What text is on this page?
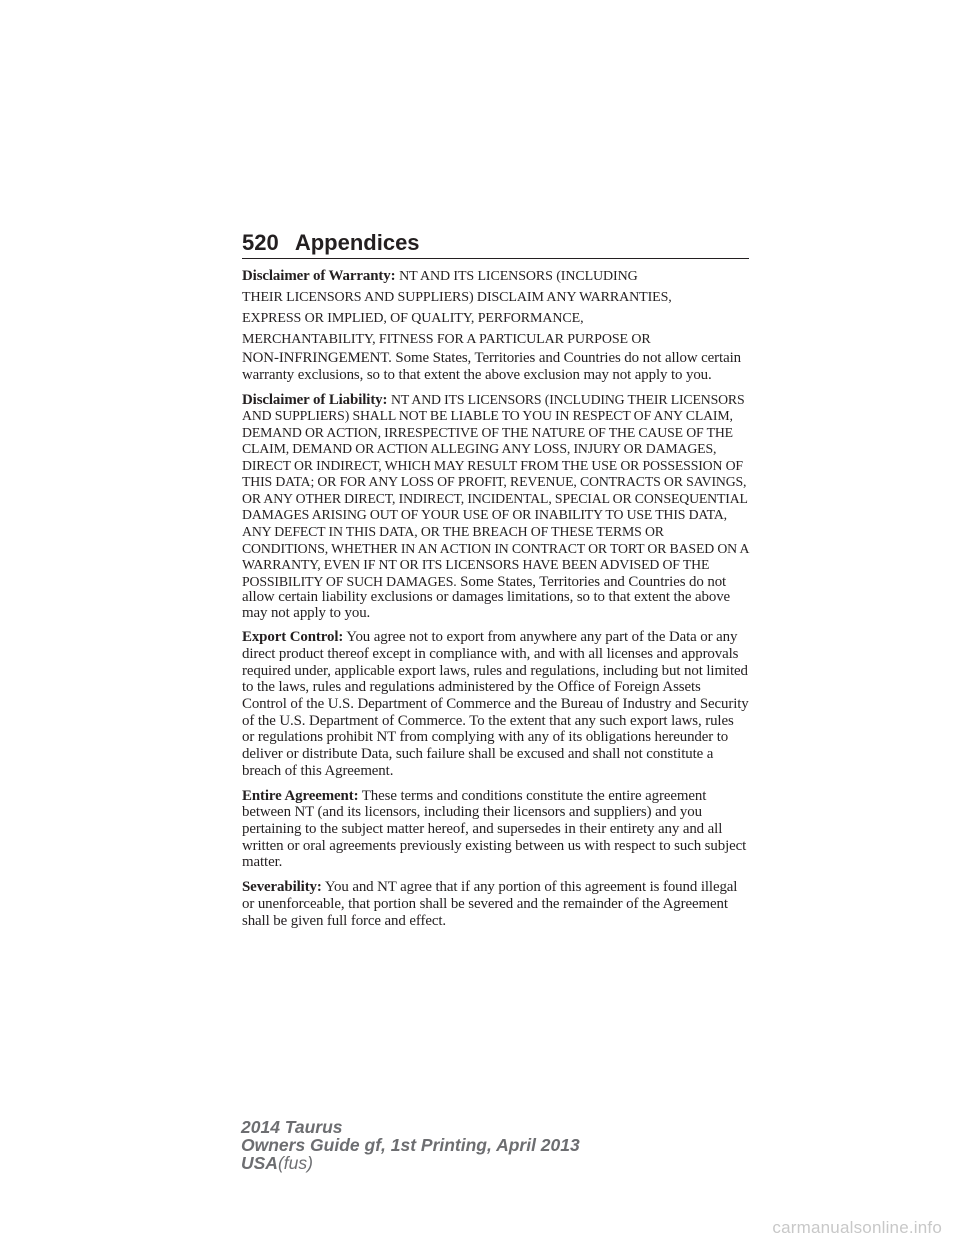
520 Appendices

Disclaimer of Warranty: NT AND ITS LICENSORS (INCLUDING
THEIR LICENSORS AND SUPPLIERS) DISCLAIM ANY WARRANTIES,
EXPRESS OR IMPLIED, OF QUALITY, PERFORMANCE,
MERCHANTABILITY, FITNESS FOR A PARTICULAR PURPOSE OR
NON-INFRINGEMENT. Some States, Territories and Countries do not allow certain warranty exclusions, so to that extent the above exclusion may not apply to you.

Disclaimer of Liability: NT AND ITS LICENSORS (INCLUDING THEIR LICENSORS AND SUPPLIERS) SHALL NOT BE LIABLE TO YOU IN RESPECT OF ANY CLAIM, DEMAND OR ACTION, IRRESPECTIVE OF THE NATURE OF THE CAUSE OF THE CLAIM, DEMAND OR ACTION ALLEGING ANY LOSS, INJURY OR DAMAGES, DIRECT OR INDIRECT, WHICH MAY RESULT FROM THE USE OR POSSESSION OF THIS DATA; OR FOR ANY LOSS OF PROFIT, REVENUE, CONTRACTS OR SAVINGS, OR ANY OTHER DIRECT, INDIRECT, INCIDENTAL, SPECIAL OR CONSEQUENTIAL DAMAGES ARISING OUT OF YOUR USE OF OR INABILITY TO USE THIS DATA, ANY DEFECT IN THIS DATA, OR THE BREACH OF THESE TERMS OR CONDITIONS, WHETHER IN AN ACTION IN CONTRACT OR TORT OR BASED ON A WARRANTY, EVEN IF NT OR ITS LICENSORS HAVE BEEN ADVISED OF THE POSSIBILITY OF SUCH DAMAGES. Some States, Territories and Countries do not allow certain liability exclusions or damages limitations, so to that extent the above may not apply to you.

Export Control: You agree not to export from anywhere any part of the Data or any direct product thereof except in compliance with, and with all licenses and approvals required under, applicable export laws, rules and regulations, including but not limited to the laws, rules and regulations administered by the Office of Foreign Assets Control of the U.S. Department of Commerce and the Bureau of Industry and Security of the U.S. Department of Commerce. To the extent that any such export laws, rules or regulations prohibit NT from complying with any of its obligations hereunder to deliver or distribute Data, such failure shall be excused and shall not constitute a breach of this Agreement.

Entire Agreement: These terms and conditions constitute the entire agreement between NT (and its licensors, including their licensors and suppliers) and you pertaining to the subject matter hereof, and supersedes in their entirety any and all written or oral agreements previously existing between us with respect to such subject matter.

Severability: You and NT agree that if any portion of this agreement is found illegal or unenforceable, that portion shall be severed and the remainder of the Agreement shall be given full force and effect.

2014 Taurus
Owners Guide gf, 1st Printing, April 2013
USA(fus)
carmanualsonline.info
